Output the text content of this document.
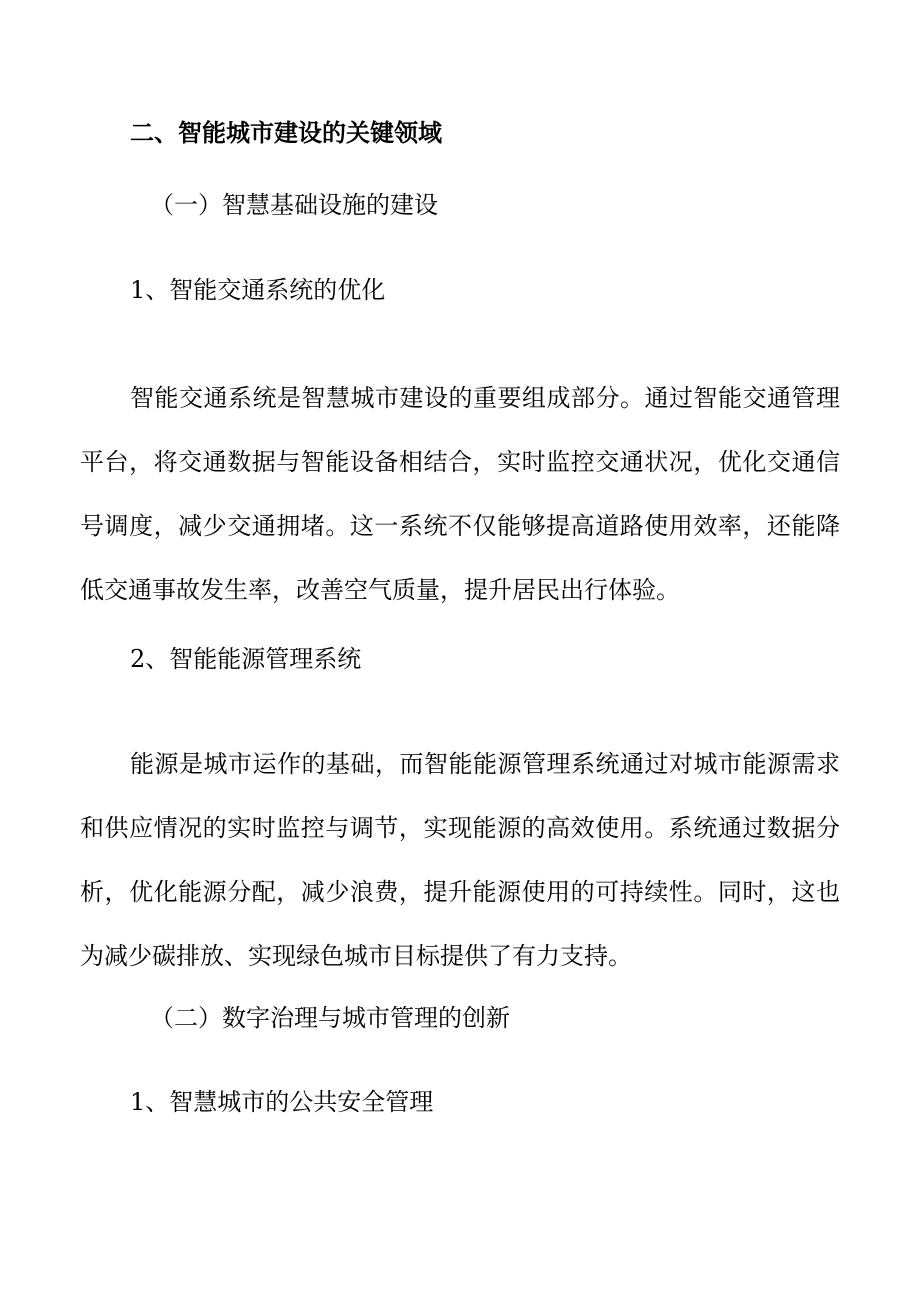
二、智能城市建设的关键领域
（一）智慧基础设施的建设
1、智能交通系统的优化

智能交通系统是智慧城市建设的重要组成部分。通过智能交通管理平台，将交通数据与智能设备相结合，实时监控交通状况，优化交通信号调度，减少交通拥堵。这一系统不仅能够提高道路使用效率，还能降低交通事故发生率，改善空气质量，提升居民出行体验。

2、智能能源管理系统

能源是城市运作的基础，而智能能源管理系统通过对城市能源需求和供应情况的实时监控与调节，实现能源的高效使用。系统通过数据分析，优化能源分配，减少浪费，提升能源使用的可持续性。同时，这也为减少碳排放、实现绿色城市目标提供了有力支持。

（二）数字治理与城市管理的创新
1、智慧城市的公共安全管理
